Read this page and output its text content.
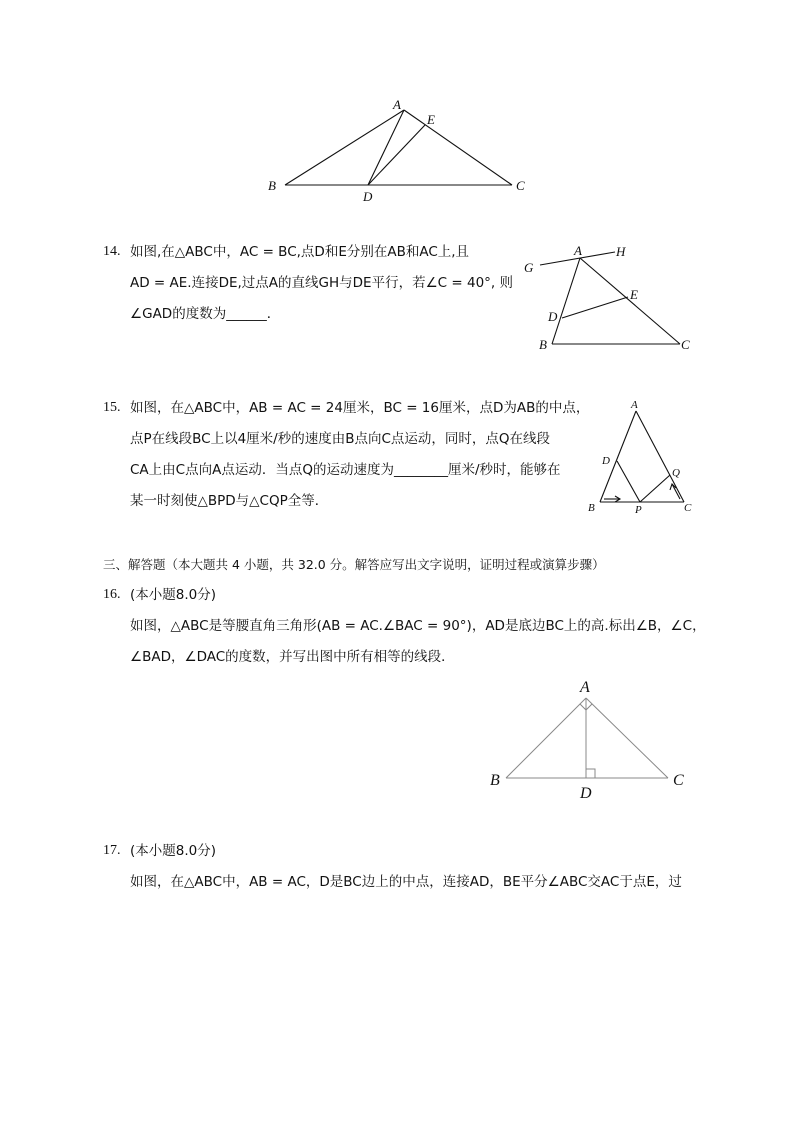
A
E
B
D
C
14. 如图,在△ABC中，AC = BC,点D和E分别在AB和AC上,且
AD = AE.连接DE,过点A的直线GH与DE平行，若∠C = 40°, 则
∠GAD的度数为______．
G
A	H
E
D
B	C
15. 如图，在△ABC中，AB = AC = 24厘米，BC = 16厘米，点D为AB的中点，
点P在线段BC上以4厘米/秒的速度由B点向C点运动，同时，点Q在线段
CA上由C点向A点运动．当点Q的运动速度为________厘米/秒时，能够在
某一时刻使△BPD与△CQP全等．
A
D
Q
B	P	C
三、解答题（本大题共 4 小题，共 32.0 分。解答应写出文字说明，证明过程或演算步骤）
16. (本小题8.0分)
如图，△ABC是等腰直角三角形(AB = AC.∠BAC = 90°)，AD是底边BC上的高.标出∠B，∠C，
∠BAD，∠DAC的度数，并写出图中所有相等的线段．
A
B	C
D
17. (本小题8.0分)
如图，在△ABC中，AB = AC，D是BC边上的中点，连接AD，BE平分∠ABC交AC于点E，过
